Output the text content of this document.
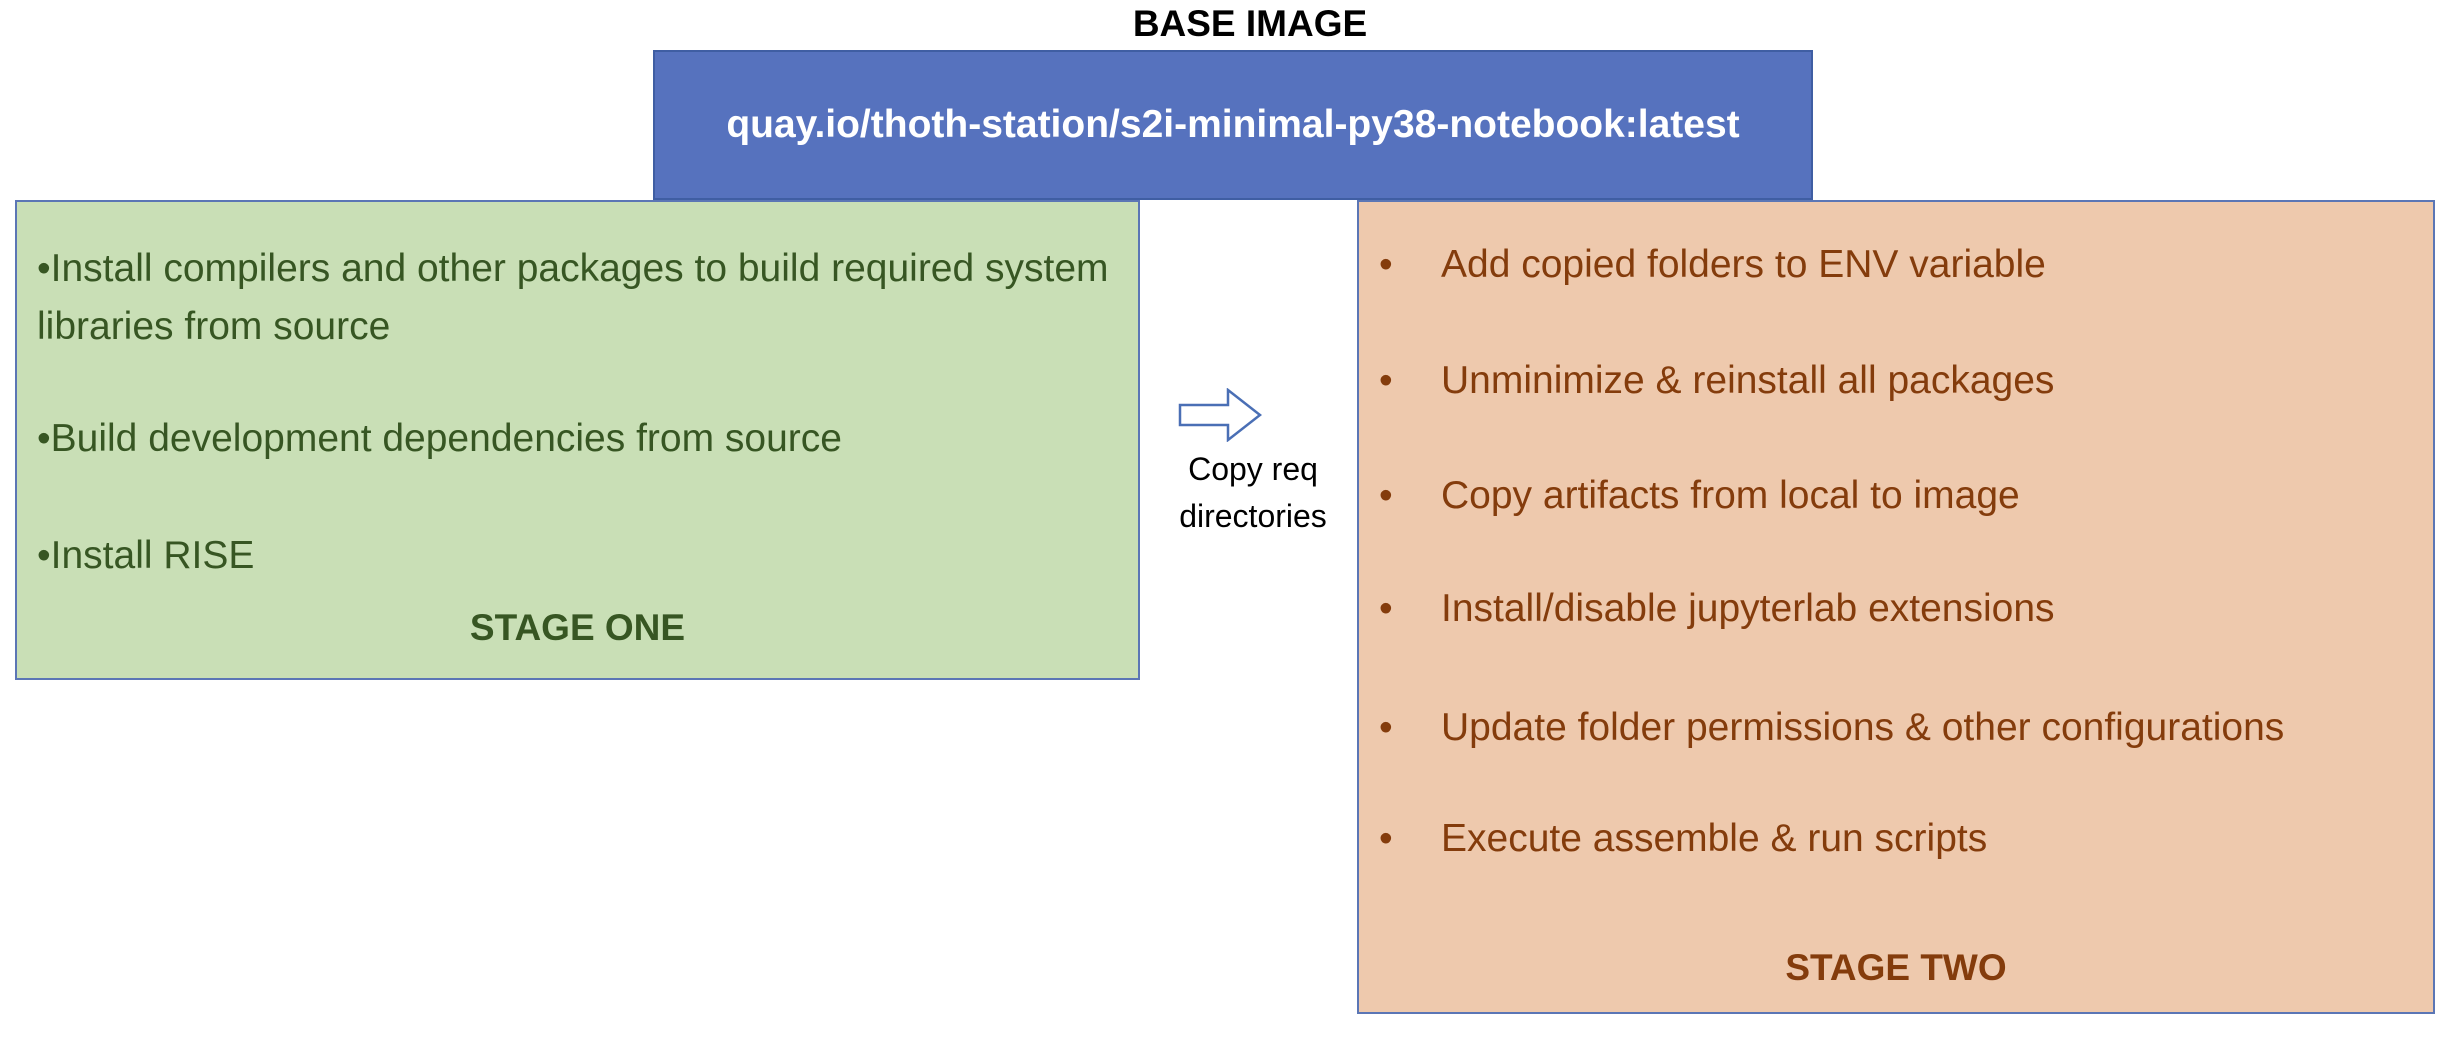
BASE IMAGE
quay.io/thoth-station/s2i-minimal-py38-notebook:latest
•Install compilers and other packages to build required system libraries from source
•Build development dependencies from source
•Install RISE
STAGE ONE
Copy req directories
• Add copied folders to ENV variable
• Unminimize & reinstall all packages
• Copy artifacts from local to image
• Install/disable jupyterlab extensions
• Update folder permissions & other configurations
• Execute assemble & run scripts
STAGE TWO
